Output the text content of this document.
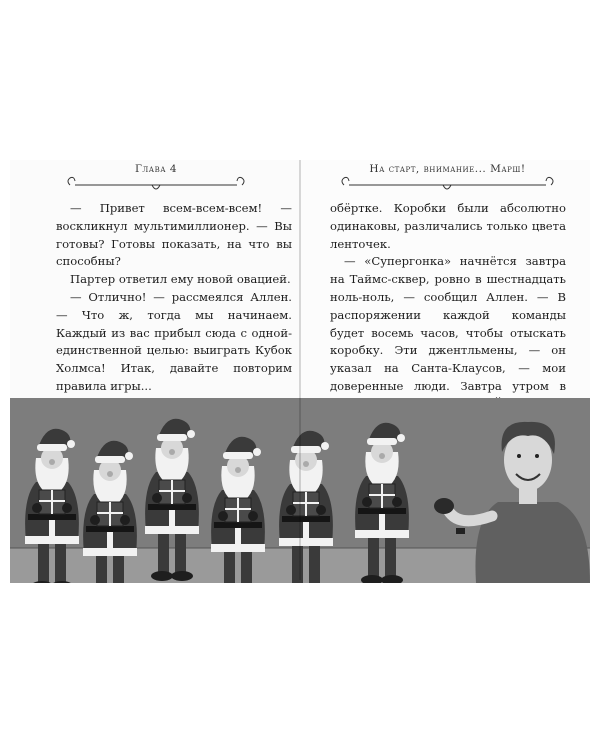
Глава 4	На старт, внимание... Марш!

— Привет всем-всем-всем! — воскликнул мультимиллионер. — Вы готовы? Готовы показать, на что вы способны?

Партер ответил ему новой овацией.

— Отлично! — рассмеялся Аллен. — Что ж, тогда мы начинаем. Каждый из вас прибыл сюда с одной-единственной целью: выиграть Кубок Холмса! Итак, давайте повторим правила игры...

обёртке. Коробки были абсолютно одинаковы, различались только цвета ленточек.

— «Супергонка» начнётся завтра на Таймс-сквер, ровно в шестнадцать ноль-ноль, — сообщил Аллен. — В распоряжении каждой команды будет восемь часов, чтобы отыскать коробку. Эти джентльмены, — он указал на Санта-Клаусов, — мои доверенные люди. Завтра утром в
